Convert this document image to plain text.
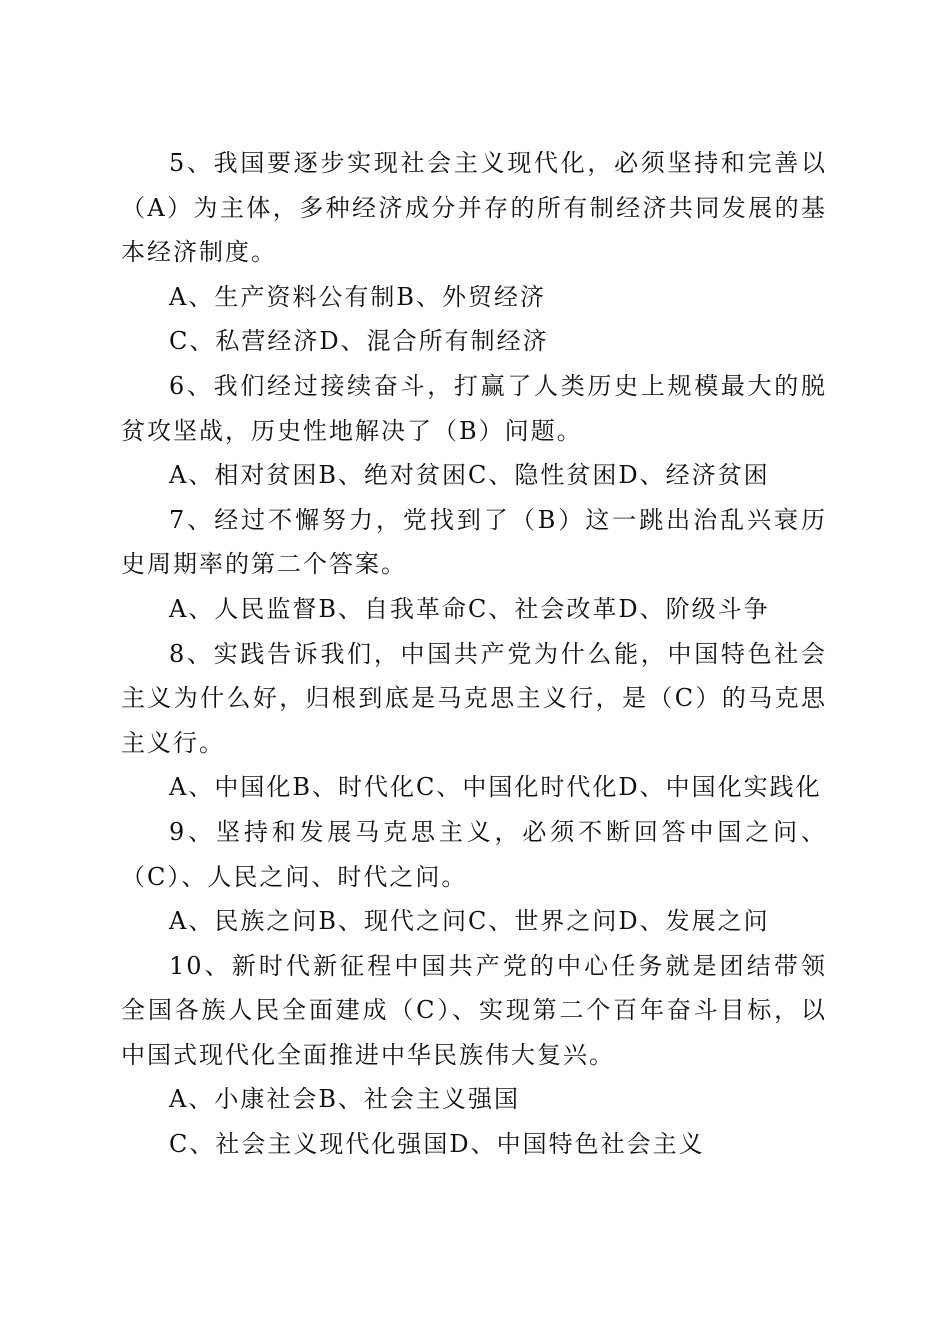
5、我国要逐步实现社会主义现代化，必须坚持和完善以（A）为主体，多种经济成分并存的所有制经济共同发展的基本经济制度。

A、生产资料公有制B、外贸经济

C、私营经济D、混合所有制经济

6、我们经过接续奋斗，打赢了人类历史上规模最大的脱贫攻坚战，历史性地解决了（B）问题。

A、相对贫困B、绝对贫困C、隐性贫困D、经济贫困

7、经过不懈努力，党找到了（B）这一跳出治乱兴衰历史周期率的第二个答案。

A、人民监督B、自我革命C、社会改革D、阶级斗争

8、实践告诉我们，中国共产党为什么能，中国特色社会主义为什么好，归根到底是马克思主义行，是（C）的马克思主义行。

A、中国化B、时代化C、中国化时代化D、中国化实践化

9、坚持和发展马克思主义，必须不断回答中国之问、（C）、人民之问、时代之问。

A、民族之问B、现代之问C、世界之问D、发展之问

10、新时代新征程中国共产党的中心任务就是团结带领全国各族人民全面建成（C）、实现第二个百年奋斗目标，以中国式现代化全面推进中华民族伟大复兴。

A、小康社会B、社会主义强国

C、社会主义现代化强国D、中国特色社会主义
